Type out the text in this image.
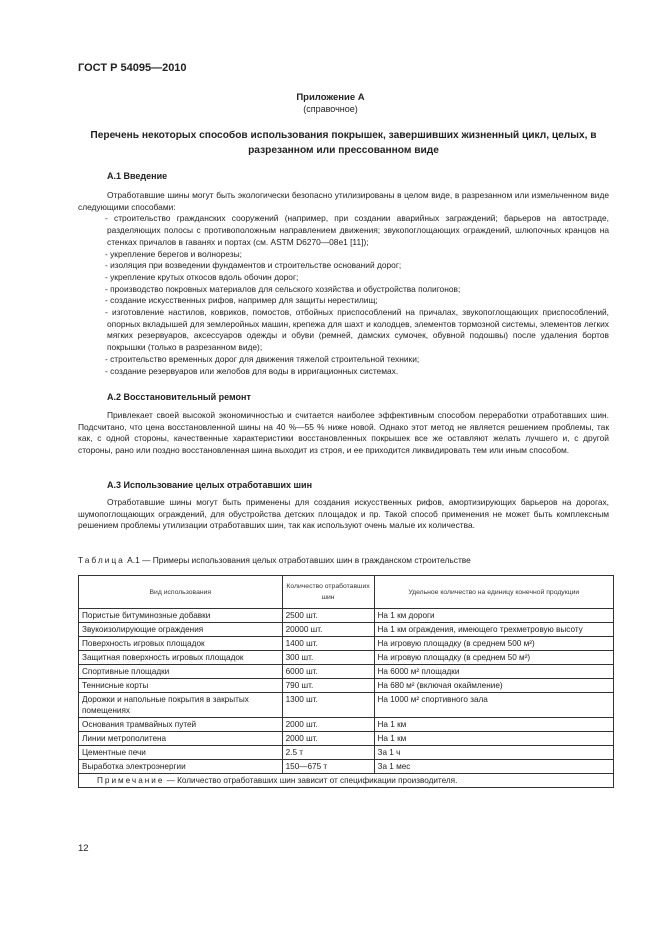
ГОСТ Р 54095—2010
Приложение А
(справочное)
Перечень некоторых способов использования покрышек, завершивших жизненный цикл, целых, в разрезанном или прессованном виде
А.1 Введение

Отработавшие шины могут быть экологически безопасно утилизированы в целом виде, в разрезанном или измельченном виде следующими способами:

- строительство гражданских сооружений (например, при создании аварийных заграждений; барьеров на автостраде, разделяющих полосы с противоположным направлением движения; звукопоглощающих ограждений, шлюпочных кранцов на стенках причалов в гаванях и портах (см. ASTM D6270—08e1 [11]);

- укрепление берегов и волнорезы;

- изоляция при возведении фундаментов и строительстве оснований дорог;

- укрепление крутых откосов вдоль обочин дорог;

- производство покровных материалов для сельского хозяйства и обустройства полигонов;

- создание искусственных рифов, например для защиты нерестилищ;

- изготовление настилов, ковриков, помостов, отбойных приспособлений на причалах, звукопоглощающих приспособлений, опорных вкладышей для землеройных машин, крепежа для шахт и колодцев, элементов тормозной системы, элементов легких мягких резервуаров, аксессуаров одежды и обуви (ремней, дамских сумочек, обувной подошвы) после удаления бортов покрышки (только в разрезанном виде);

- строительство временных дорог для движения тяжелой строительной техники;

- создание резервуаров или желобов для воды в ирригационных системах.

А.2 Восстановительный ремонт

Привлекает своей высокой экономичностью и считается наиболее эффективным способом переработки отработавших шин. Подсчитано, что цена восстановленной шины на 40 %—55 % ниже новой. Однако этот метод не является решением проблемы, так как, с одной стороны, качественные характеристики восстановленных покрышек все же оставляют желать лучшего и, с другой стороны, рано или поздно восстановленная шина выходит из строя, и ее приходится ликвидировать тем или иным способом.

А.3 Использование целых отработавших шин

Отработавшие шины могут быть применены для создания искусственных рифов, амортизирующих барьеров на дорогах, шумопоглощающих ограждений, для обустройства детских площадок и пр. Такой способ применения не может быть комплексным решением проблемы утилизации отработавших шин, так как используют очень малые их количества.

Таблица А.1 — Примеры использования целых отработавших шин в гражданском строительстве
Вид использования	Количество отработавших шин	Удельное количество на единицу конечной продукции
Пористые битуминозные добавки	2500 шт.	На 1 км дороги
Звукоизолирующие ограждения	20000 шт.	На 1 км ограждения, имеющего трехметровую высоту
Поверхность игровых площадок	1400 шт.	На игровую площадку (в среднем 500 м²)
Защитная поверхность игровых площадок	300 шт.	На игровую площадку (в среднем 50 м²)
Спортивные площадки	6000 шт.	На 6000 м² площадки
Теннисные корты	790 шт.	На 680 м² (включая окаймление)
Дорожки и напольные покрытия в закрытых помещениях	1300 шт.	На 1000 м² спортивного зала
Основания трамвайных путей	2000 шт.	На 1 км
Линии метрополитена	2000 шт.	На 1 км
Цементные печи	2.5 т	За 1 ч
Выработка электроэнергии	150—675 т	За 1 мес
Примечание — Количество отработавших шин зависит от спецификации производителя.		
12
